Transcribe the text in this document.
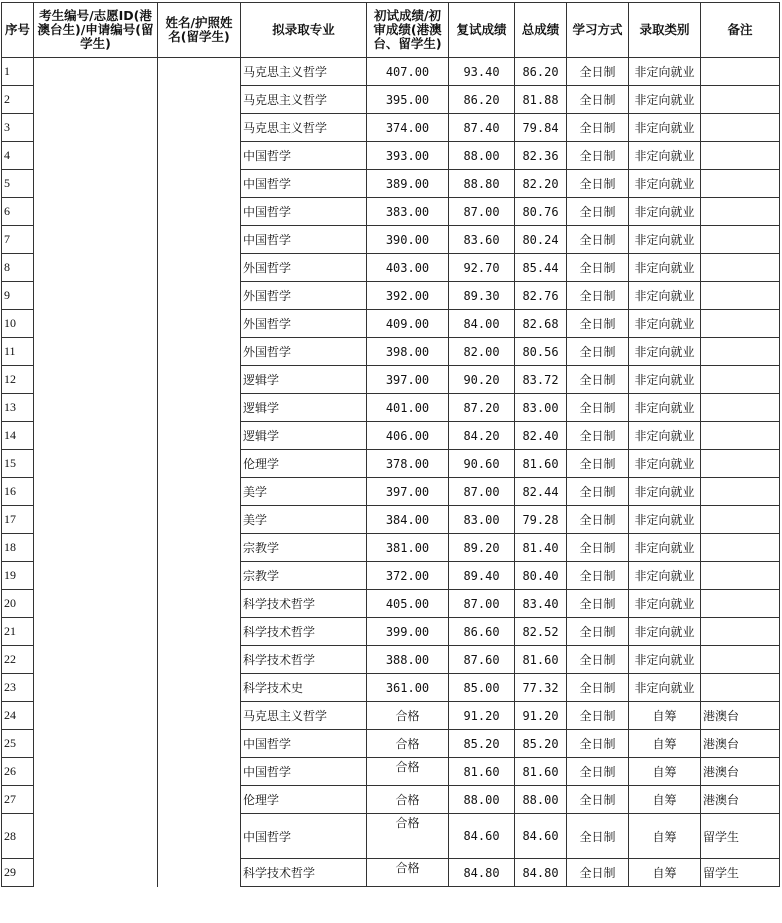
序号	考生编号/志愿ID(港澳台生)/申请编号(留学生)	姓名/护照姓名(留学生)	拟录取专业	初试成绩/初审成绩(港澳台、留学生)	复试成绩	总成绩	学习方式	录取类别	备注
1			马克思主义哲学	407.00	93.40	86.20	全日制	非定向就业	
2			马克思主义哲学	395.00	86.20	81.88	全日制	非定向就业	
3			马克思主义哲学	374.00	87.40	79.84	全日制	非定向就业	
4			中国哲学	393.00	88.00	82.36	全日制	非定向就业	
5			中国哲学	389.00	88.80	82.20	全日制	非定向就业	
6			中国哲学	383.00	87.00	80.76	全日制	非定向就业	
7			中国哲学	390.00	83.60	80.24	全日制	非定向就业	
8			外国哲学	403.00	92.70	85.44	全日制	非定向就业	
9			外国哲学	392.00	89.30	82.76	全日制	非定向就业	
10			外国哲学	409.00	84.00	82.68	全日制	非定向就业	
11			外国哲学	398.00	82.00	80.56	全日制	非定向就业	
12			逻辑学	397.00	90.20	83.72	全日制	非定向就业	
13			逻辑学	401.00	87.20	83.00	全日制	非定向就业	
14			逻辑学	406.00	84.20	82.40	全日制	非定向就业	
15			伦理学	378.00	90.60	81.60	全日制	非定向就业	
16			美学	397.00	87.00	82.44	全日制	非定向就业	
17			美学	384.00	83.00	79.28	全日制	非定向就业	
18			宗教学	381.00	89.20	81.40	全日制	非定向就业	
19			宗教学	372.00	89.40	80.40	全日制	非定向就业	
20			科学技术哲学	405.00	87.00	83.40	全日制	非定向就业	
21			科学技术哲学	399.00	86.60	82.52	全日制	非定向就业	
22			科学技术哲学	388.00	87.60	81.60	全日制	非定向就业	
23			科学技术史	361.00	85.00	77.32	全日制	非定向就业	
24			马克思主义哲学	合格	91.20	91.20	全日制	自筹	港澳台
25			中国哲学	合格	85.20	85.20	全日制	自筹	港澳台
26			中国哲学	合格	81.60	81.60	全日制	自筹	港澳台
27			伦理学	合格	88.00	88.00	全日制	自筹	港澳台
28			中国哲学	合格	84.60	84.60	全日制	自筹	留学生
29			科学技术哲学	合格	84.80	84.80	全日制	自筹	留学生
